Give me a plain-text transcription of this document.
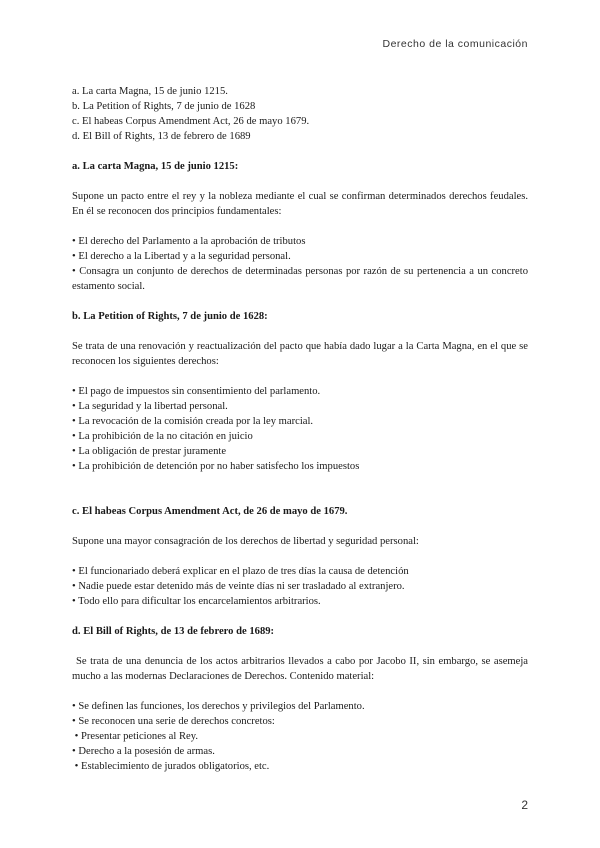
Derecho de la comunicación
a. La carta Magna, 15 de junio 1215.
b. La Petition of Rights, 7 de junio de 1628
c. El habeas Corpus Amendment Act, 26 de mayo 1679.
d. El Bill of Rights, 13 de febrero de 1689
a. La carta Magna, 15 de junio 1215:
Supone un pacto entre el rey y la nobleza mediante el cual se confirman determinados derechos feudales. En él se reconocen dos principios fundamentales:
• El derecho del Parlamento a la aprobación de tributos
• El derecho a la Libertad y a la seguridad personal.
• Consagra un conjunto de derechos de determinadas personas por razón de su pertenencia a un concreto estamento social.
b. La Petition of Rights, 7 de junio de 1628:
Se trata de una renovación y reactualización del pacto que había dado lugar a la Carta Magna, en el que se reconocen los siguientes derechos:
• El pago de impuestos sin consentimiento del parlamento.
• La seguridad y la libertad personal.
• La revocación de la comisión creada por la ley marcial.
• La prohibición de la no citación en juicio
• La obligación de prestar juramente
• La prohibición de detención por no haber satisfecho los impuestos
c. El habeas Corpus Amendment Act, de 26 de mayo de 1679.
Supone una mayor consagración de los derechos de libertad y seguridad personal:
• El funcionariado deberá explicar en el plazo de tres días la causa de detención
• Nadie puede estar detenido más de veinte días ni ser trasladado al extranjero.
• Todo ello para dificultar los encarcelamientos arbitrarios.
d. El Bill of Rights, de 13 de febrero de 1689:
Se trata de una denuncia de los actos arbitrarios llevados a cabo por Jacobo II, sin embargo, se asemeja mucho a las modernas Declaraciones de Derechos. Contenido material:
• Se definen las funciones, los derechos y privilegios del Parlamento.
• Se reconocen una serie de derechos concretos:
• Presentar peticiones al Rey.
• Derecho a la posesión de armas.
• Establecimiento de jurados obligatorios, etc.
2
